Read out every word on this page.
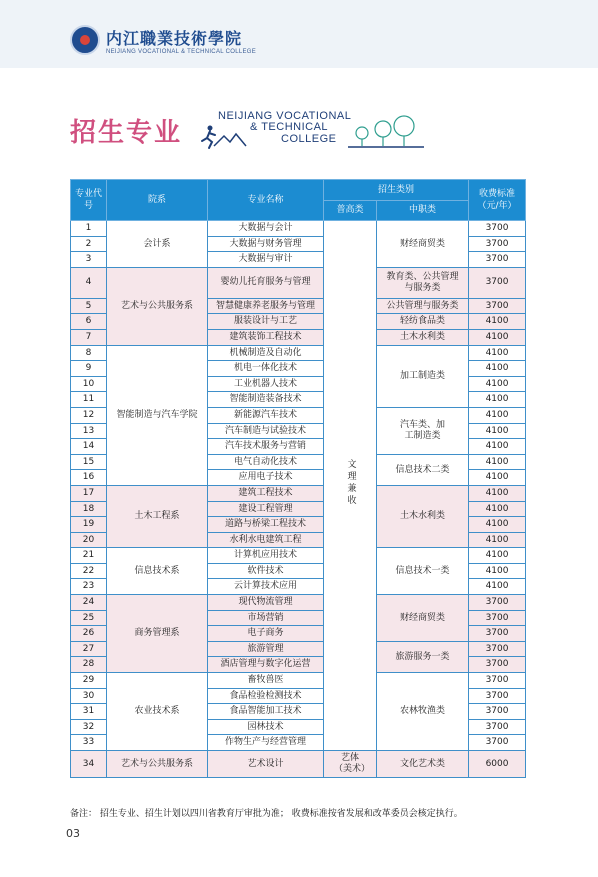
内江職業技術學院
NEIJIANG VOCATIONAL & TECHNICAL COLLEGE
招生专业
NEIJIANG VOCATIONAL
& TECHNICAL
COLLEGE
专业代号	院系	专业名称	招生类别		收费标准（元/年）
			普高类	中职类	
1	会计系	大数据与会计	文理兼收	财经商贸类	3700
2		大数据与财务管理			3700
3		大数据与审计			3700
4	艺术与公共服务系	婴幼儿托育服务与管理		教育类、公共管理与服务类	3700
5		智慧健康养老服务与管理		公共管理与服务类	3700
6		服装设计与工艺		轻纺食品类	4100
7		建筑装饰工程技术		土木水利类	4100
8	智能制造与汽车学院	机械制造及自动化		加工制造类	4100
9		机电一体化技术			4100
10		工业机器人技术			4100
11		智能制造装备技术			4100
12		新能源汽车技术		汽车类、加工制造类	4100
13		汽车制造与试验技术			4100
14		汽车技术服务与营销			4100
15		电气自动化技术		信息技术二类	4100
16		应用电子技术			4100
17	土木工程系	建筑工程技术		土木水利类	4100
18		建设工程管理			4100
19		道路与桥梁工程技术			4100
20		水利水电建筑工程			4100
21	信息技术系	计算机应用技术		信息技术一类	4100
22		软件技术			4100
23		云计算技术应用			4100
24	商务管理系	现代物流管理		财经商贸类	3700
25		市场营销			3700
26		电子商务			3700
27		旅游管理		旅游服务一类	3700
28		酒店管理与数字化运营			3700
29	农业技术系	畜牧兽医		农林牧渔类	3700
30		食品检验检测技术			3700
31		食品智能加工技术			3700
32		园林技术			3700
33		作物生产与经营管理			3700
34	艺术与公共服务系	艺术设计	艺体（美术）	文化艺术类	6000
备注： 招生专业、招生计划以四川省教育厅审批为准； 收费标准按省发展和改革委员会核定执行。
03
